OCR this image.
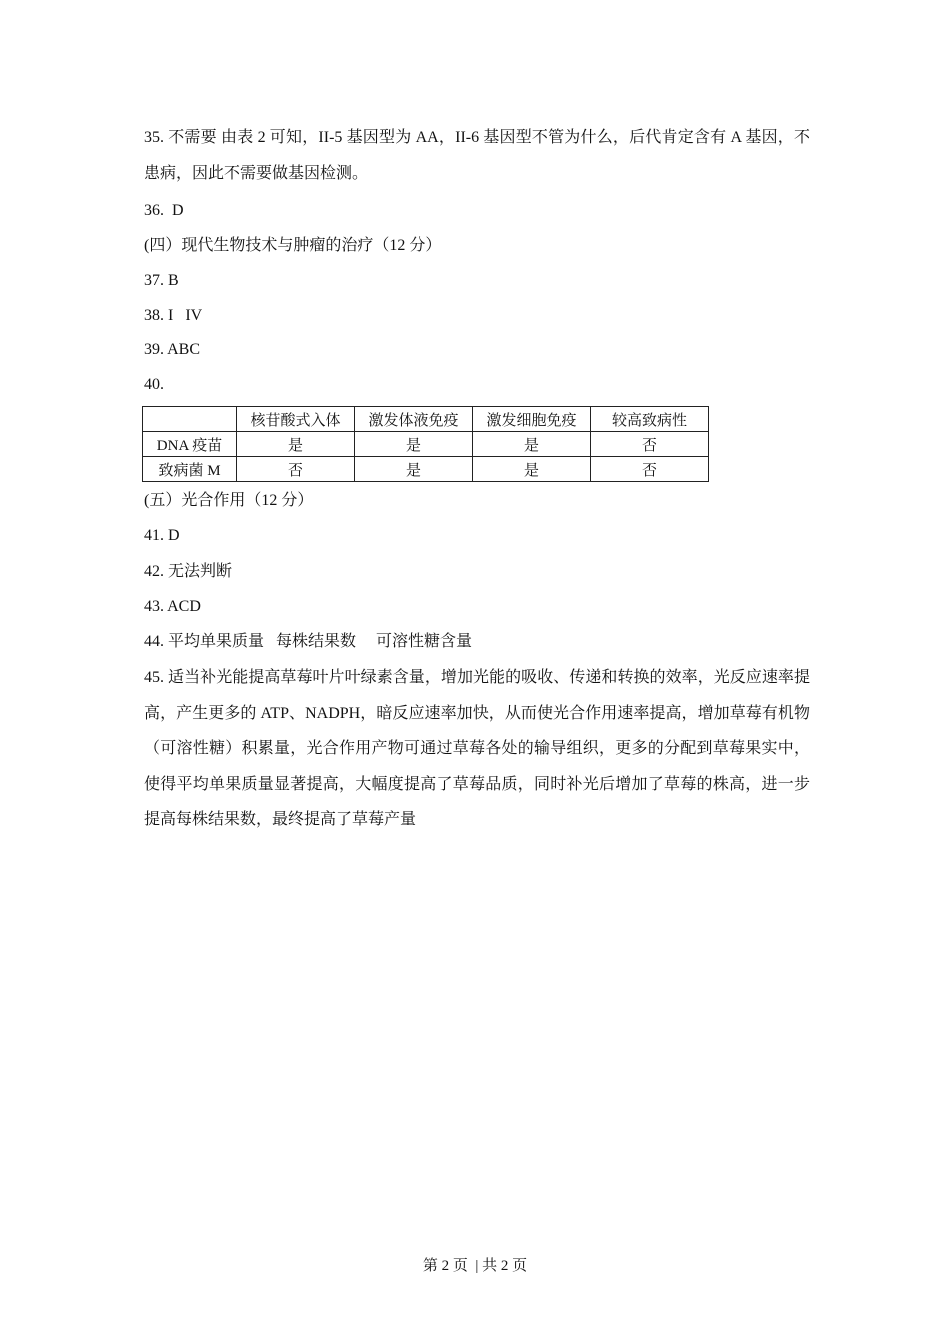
35. 不需要 由表 2 可知，II-5 基因型为 AA，II-6 基因型不管为什么，后代肯定含有 A 基因，不患病，因此不需要做基因检测。
36.  D
(四）现代生物技术与肿瘤的治疗（12 分）
37. B
38. I   IV
39. ABC
40.
	核苷酸式入体	激发体液免疫	激发细胞免疫	较高致病性
DNA 疫苗	是	是	是	否
致病菌 M	否	是	是	否
(五）光合作用（12 分）
41. D
42. 无法判断
43. ACD
44. 平均单果质量   每株结果数     可溶性糖含量
45. 适当补光能提高草莓叶片叶绿素含量，增加光能的吸收、传递和转换的效率，光反应速率提高，产生更多的 ATP、NADPH，暗反应速率加快，从而使光合作用速率提高，增加草莓有机物（可溶性糖）积累量，光合作用产物可通过草莓各处的输导组织，更多的分配到草莓果实中，使得平均单果质量显著提高，大幅度提高了草莓品质，同时补光后增加了草莓的株高，进一步提高每株结果数，最终提高了草莓产量
第 2 页  | 共 2 页
